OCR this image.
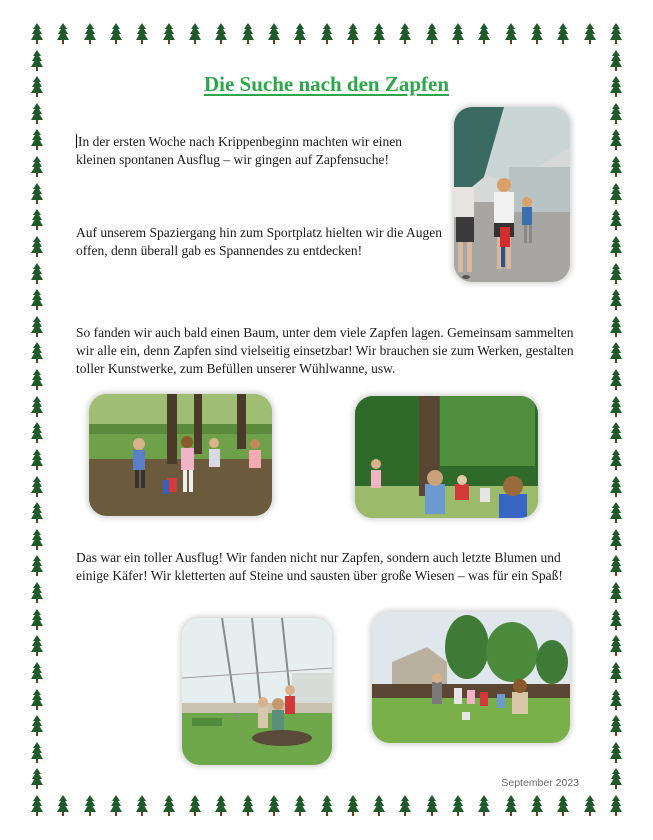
Die Suche nach den Zapfen

In der ersten Woche nach Krippenbeginn machten wir einen kleinen spontanen Ausflug – wir gingen auf Zapfensuche!

Auf unserem Spaziergang hin zum Sportplatz hielten wir die Augen offen, denn überall gab es Spannendes zu entdecken!

So fanden wir auch bald einen Baum, unter dem viele Zapfen lagen. Gemeinsam sammelten wir alle ein, denn Zapfen sind vielseitig einsetzbar! Wir brauchen sie zum Werken, gestalten toller Kunstwerke, zum Befüllen unserer Wühlwanne, usw.

Das war ein toller Ausflug! Wir fanden nicht nur Zapfen, sondern auch letzte Blumen und einige Käfer! Wir kletterten auf Steine und sausten über große Wiesen – was für ein Spaß!

September 2023
